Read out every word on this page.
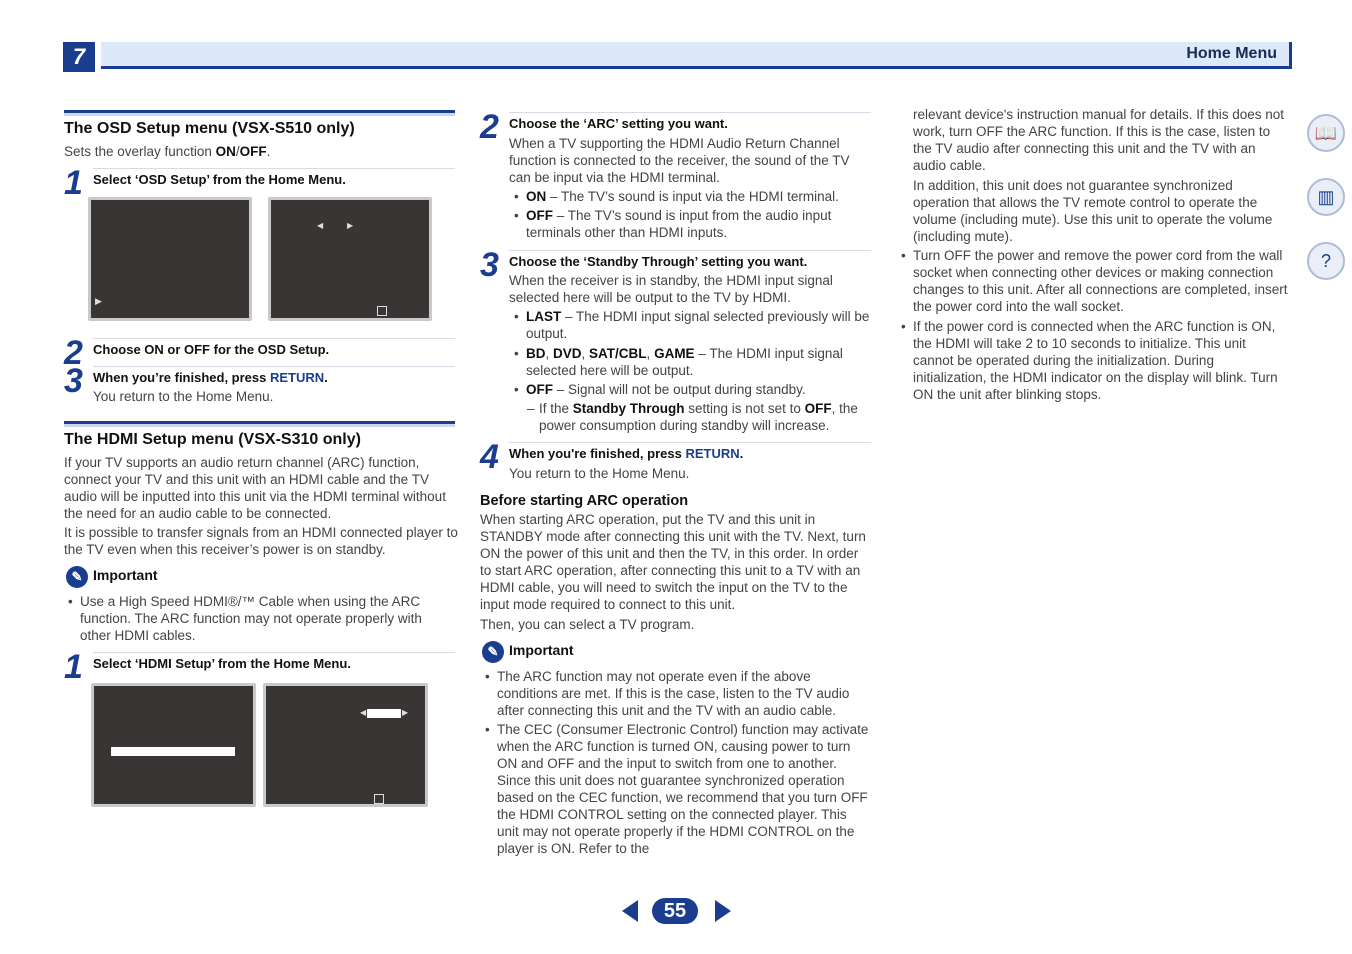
7	Home Menu
The OSD Setup menu (VSX-S510 only)
Sets the overlay function ON/OFF.
1 Select ‘OSD Setup’ from the Home Menu.
▶
◀	▶
2 Choose ON or OFF for the OSD Setup.
3 When you’re finished, press RETURN.
You return to the Home Menu.
The HDMI Setup menu (VSX-S310 only)
If your TV supports an audio return channel (ARC) function, connect your TV and this unit with an HDMI cable and the TV audio will be inputted into this unit via the HDMI terminal without the need for an audio cable to be connected.
It is possible to transfer signals from an HDMI connected player to the TV even when this receiver’s power is on standby.
✎ Important
• Use a High Speed HDMI®/™ Cable when using the ARC function. The ARC function may not operate properly with other HDMI cables.
1 Select ‘HDMI Setup’ from the Home Menu.
◀	▶
2 Choose the ‘ARC’ setting you want.
When a TV supporting the HDMI Audio Return Channel function is connected to the receiver, the sound of the TV can be input via the HDMI terminal.
• ON – The TV’s sound is input via the HDMI terminal.
• OFF – The TV’s sound is input from the audio input terminals other than HDMI inputs.
3 Choose the ‘Standby Through’ setting you want.
When the receiver is in standby, the HDMI input signal selected here will be output to the TV by HDMI.
• LAST – The HDMI input signal selected previously will be output.
• BD, DVD, SAT/CBL, GAME – The HDMI input signal selected here will be output.
• OFF – Signal will not be output during standby.
– If the Standby Through setting is not set to OFF, the power consumption during standby will increase.
4 When you're finished, press RETURN.
You return to the Home Menu.
Before starting ARC operation
When starting ARC operation, put the TV and this unit in STANDBY mode after connecting this unit with the TV. Next, turn ON the power of this unit and then the TV, in this order. In order to start ARC operation, after connecting this unit to a TV with an HDMI cable, you will need to switch the input on the TV to the input mode required to connect to this unit.
Then, you can select a TV program.
✎ Important
• The ARC function may not operate even if the above conditions are met. If this is the case, listen to the TV audio after connecting this unit and the TV with an audio cable.
• The CEC (Consumer Electronic Control) function may activate when the ARC function is turned ON, causing power to turn ON and OFF and the input to switch from one to another. Since this unit does not guarantee synchronized operation based on the CEC function, we recommend that you turn OFF the HDMI CONTROL setting on the connected player. This unit may not operate properly if the HDMI CONTROL on the player is ON. Refer to the
relevant device's instruction manual for details. If this does not work, turn OFF the ARC function. If this is the case, listen to the TV audio after connecting this unit and the TV with an audio cable.
In addition, this unit does not guarantee synchronized operation that allows the TV remote control to operate the volume (including mute). Use this unit to operate the volume (including mute).
• Turn OFF the power and remove the power cord from the wall socket when connecting other devices or making connection changes to this unit. After all connections are completed, insert the power cord into the wall socket.
• If the power cord is connected when the ARC function is ON, the HDMI will take 2 to 10 seconds to initialize. This unit cannot be operated during the initialization. During initialization, the HDMI indicator on the display will blink. Turn ON the unit after blinking stops.
📖
▥
?
55
